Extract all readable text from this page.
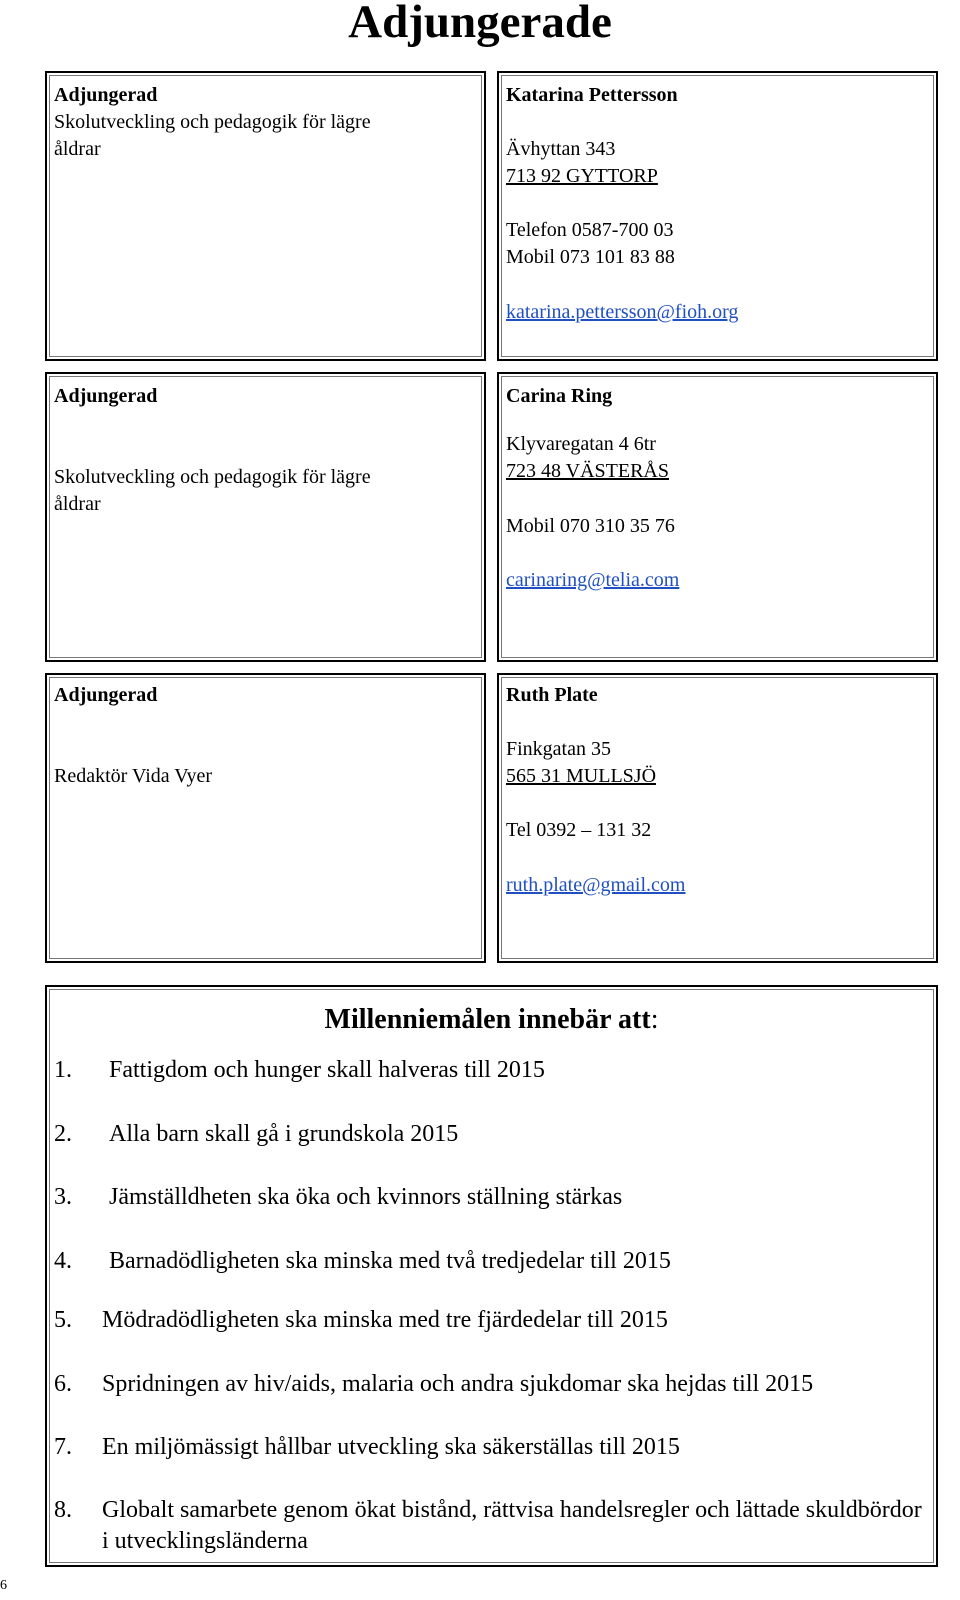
Adjungerade
Adjungerad
Skolutveckling och pedagogik för lägre
åldrar
Katarina Pettersson
Ävhyttan 343
713 92 GYTTORP
Telefon 0587-700 03
Mobil 073 101 83 88
katarina.pettersson@fioh.org
Adjungerad
Skolutveckling och pedagogik för lägre
åldrar
Carina Ring
Klyvaregatan 4 6tr
723 48 VÄSTERÅS
Mobil 070 310 35 76
carinaring@telia.com
Adjungerad
Redaktör Vida Vyer
Ruth Plate
Finkgatan 35
565 31 MULLSJÖ
Tel 0392 – 131 32
ruth.plate@gmail.com
Millenniemålen innebär att:
1.	Fattigdom och hunger skall halveras till 2015
2.	Alla barn skall gå i grundskola 2015
3.	Jämställdheten ska öka och kvinnors ställning stärkas
4.	Barnadödligheten ska minska med två tredjedelar till 2015
5.	Mödradödligheten ska minska med tre fjärdedelar till 2015
6.	Spridningen av hiv/aids, malaria och andra sjukdomar ska hejdas till 2015
7.	En miljömässigt hållbar utveckling ska säkerställas till 2015
8.	Globalt samarbete genom ökat bistånd, rättvisa handelsregler och lättade skuldbördor i utvecklingsländerna
6
